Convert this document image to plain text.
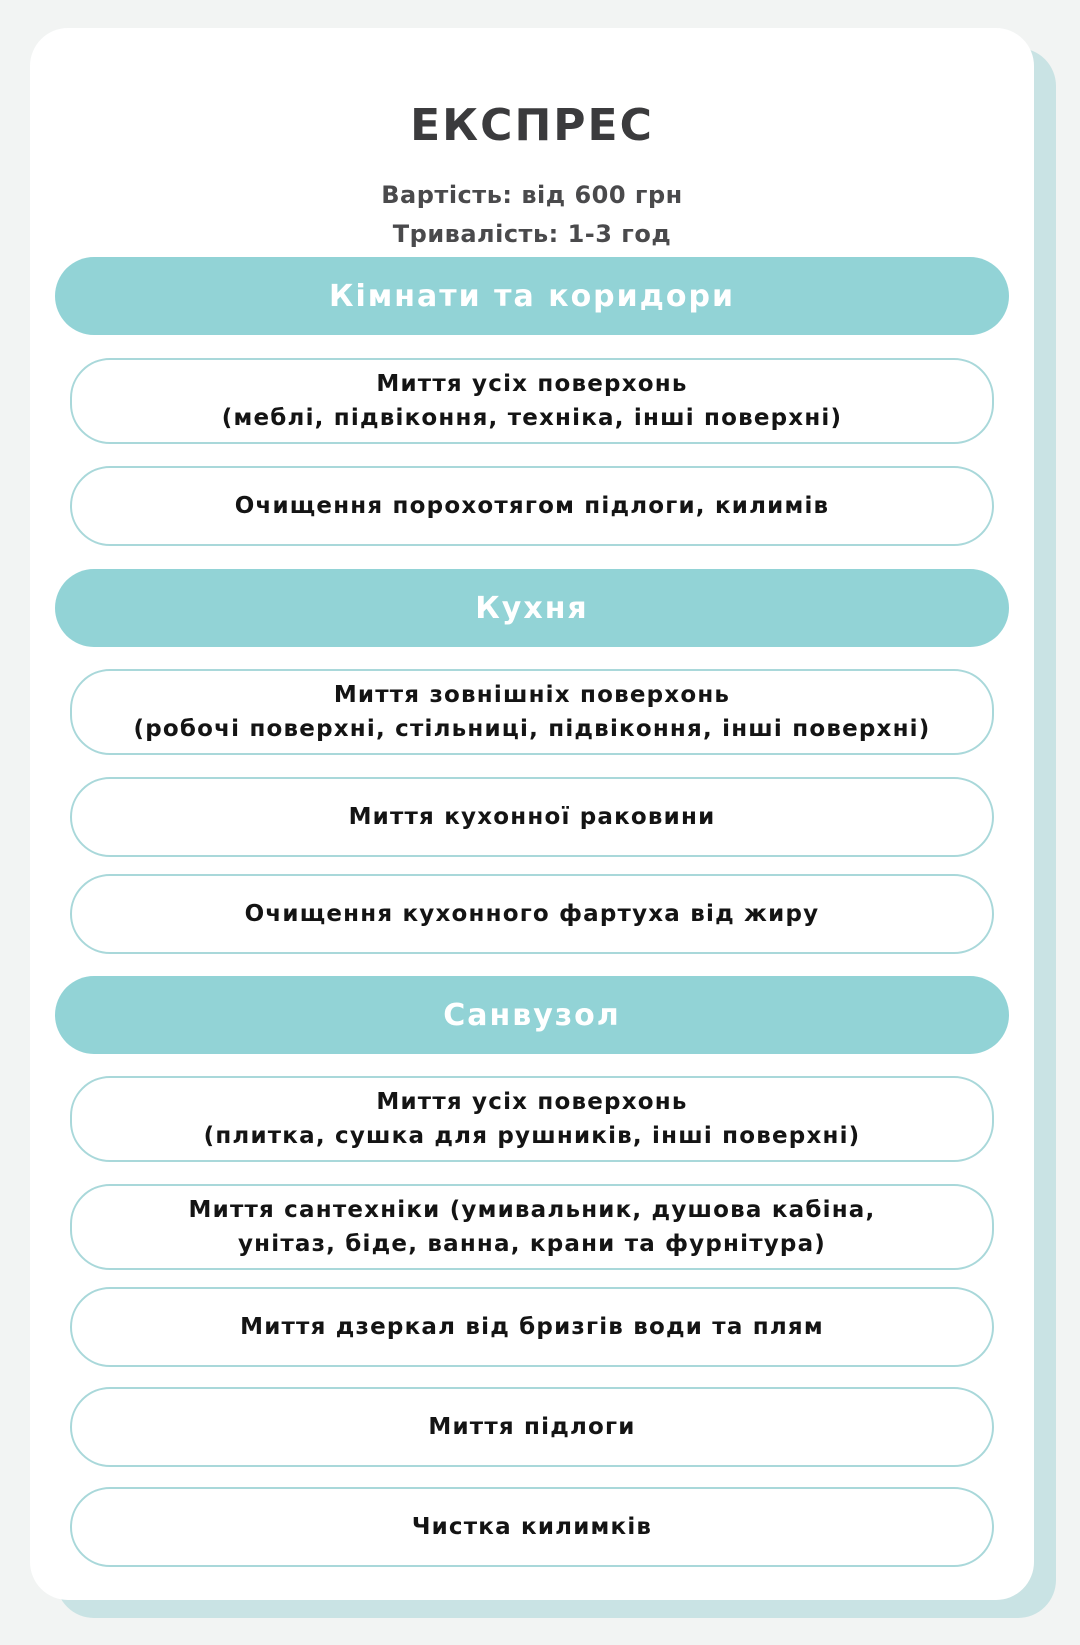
ЕКСПРЕС
Вартість: від 600 грн
Тривалість: 1-3 год
Кімнати та коридори
Миття усіх поверхонь
(меблі, підвіконня, техніка, інші поверхні)
Очищення порохотягом підлоги, килимів
Кухня
Миття зовнішніх поверхонь
(робочі поверхні, стільниці, підвіконня, інші поверхні)
Миття кухонної раковини
Очищення кухонного фартуха від жиру
Санвузол
Миття усіх поверхонь
(плитка, сушка для рушників, інші поверхні)
Миття сантехніки (умивальник, душова кабіна,
унітаз, біде, ванна, крани та фурнітура)
Миття дзеркал від бризгів води та плям
Миття підлоги
Чистка килимків
